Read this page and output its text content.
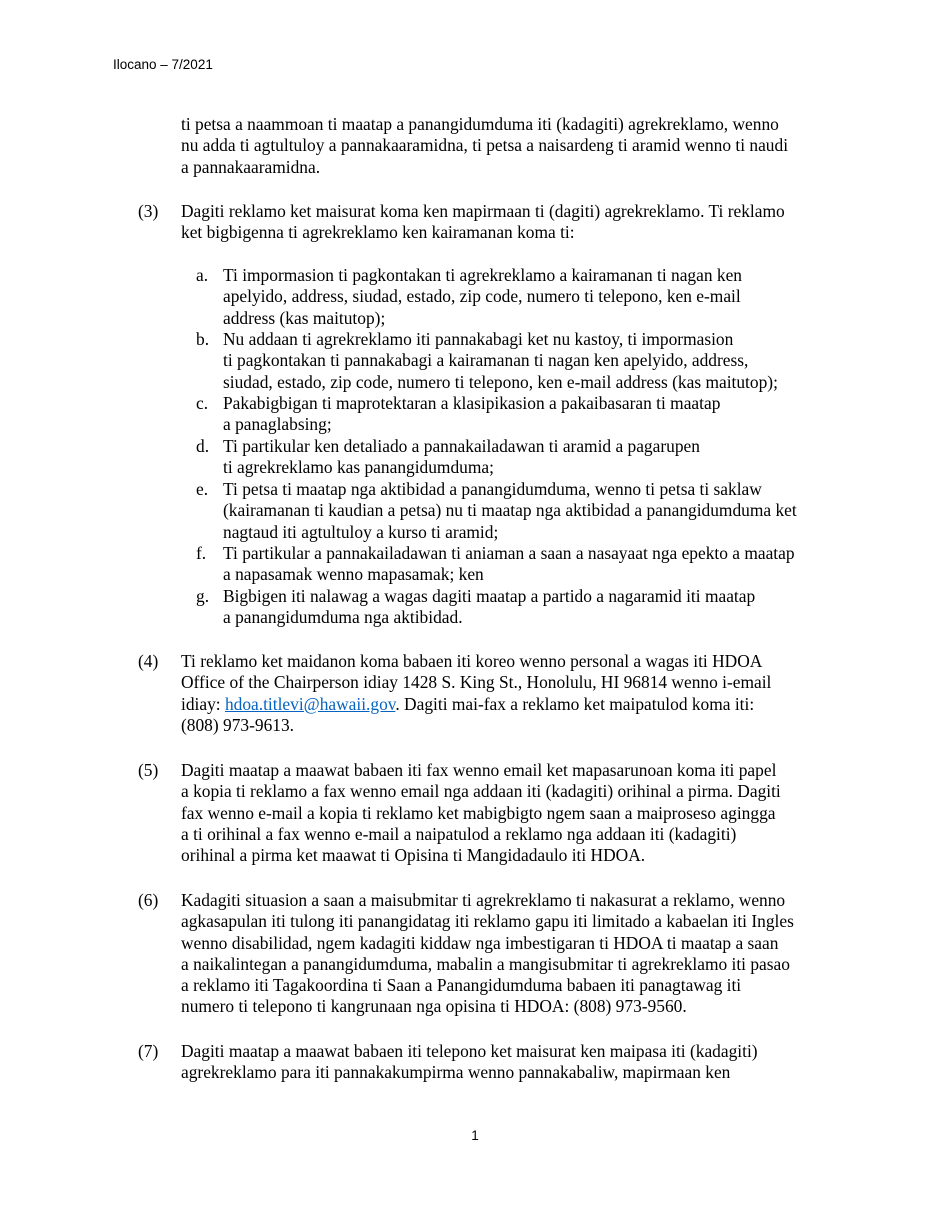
Ilocano – 7/2021
ti petsa a naammoan ti maatap a panangidumduma iti (kadagiti) agrekreklamo, wenno
nu adda ti agtultuloy a pannakaaramidna, ti petsa a naisardeng ti aramid wenno ti naudi
a pannakaaramidna.
(3) Dagiti reklamo ket maisurat koma ken mapirmaan ti (dagiti) agrekreklamo. Ti reklamo
ket bigbigenna ti agrekreklamo ken kairamanan koma ti:
a. Ti impormasion ti pagkontakan ti agrekreklamo a kairamanan ti nagan ken
apelyido, address, siudad, estado, zip code, numero ti telepono, ken e-mail
address (kas maitutop);
b. Nu addaan ti agrekreklamo iti pannakabagi ket nu kastoy, ti impormasion
ti pagkontakan ti pannakabagi a kairamanan ti nagan ken apelyido, address,
siudad, estado, zip code, numero ti telepono, ken e-mail address (kas maitutop);
c. Pakabigbigan ti maprotektaran a klasipikasion a pakaibasaran ti maatap
a panaglabsing;
d. Ti partikular ken detaliado a pannakailadawan ti aramid a pagarupen
ti agrekreklamo kas panangidumduma;
e. Ti petsa ti maatap nga aktibidad a panangidumduma, wenno ti petsa ti saklaw
(kairamanan ti kaudian a petsa) nu ti maatap nga aktibidad a panangidumduma ket
nagtaud iti agtultuloy a kurso ti aramid;
f. Ti partikular a pannakailadawan ti aniaman a saan a nasayaat nga epekto a maatap
a napasamak wenno mapasamak; ken
g. Bigbigen iti nalawag a wagas dagiti maatap a partido a nagaramid iti maatap
a panangidumduma nga aktibidad.
(4) Ti reklamo ket maidanon koma babaen iti koreo wenno personal a wagas iti HDOA
Office of the Chairperson idiay 1428 S. King St., Honolulu, HI 96814 wenno i-email
idiay: hdoa.titlevi@hawaii.gov. Dagiti mai-fax a reklamo ket maipatulod koma iti:
(808) 973-9613.
(5) Dagiti maatap a maawat babaen iti fax wenno email ket mapasarunoan koma iti papel
a kopia ti reklamo a fax wenno email nga addaan iti (kadagiti) orihinal a pirma. Dagiti
fax wenno e-mail a kopia ti reklamo ket mabigbigto ngem saan a maiproseso agingga
a ti orihinal a fax wenno e-mail a naipatulod a reklamo nga addaan iti (kadagiti)
orihinal a pirma ket maawat ti Opisina ti Mangidadaulo iti HDOA.
(6) Kadagiti situasion a saan a maisubmitar ti agrekreklamo ti nakasurat a reklamo, wenno
agkasapulan iti tulong iti panangidatag iti reklamo gapu iti limitado a kabaelan iti Ingles
wenno disabilidad, ngem kadagiti kiddaw nga imbestigaran ti HDOA ti maatap a saan
a naikalintegan a panangidumduma, mabalin a mangisubmitar ti agrekreklamo iti pasao
a reklamo iti Tagakoordina ti Saan a Panangidumduma babaen iti panagtawag iti
numero ti telepono ti kangrunaan nga opisina ti HDOA: (808) 973-9560.
(7) Dagiti maatap a maawat babaen iti telepono ket maisurat ken maipasa iti (kadagiti)
agrekreklamo para iti pannakakumpirma wenno pannakabaliw, mapirmaan ken
1
